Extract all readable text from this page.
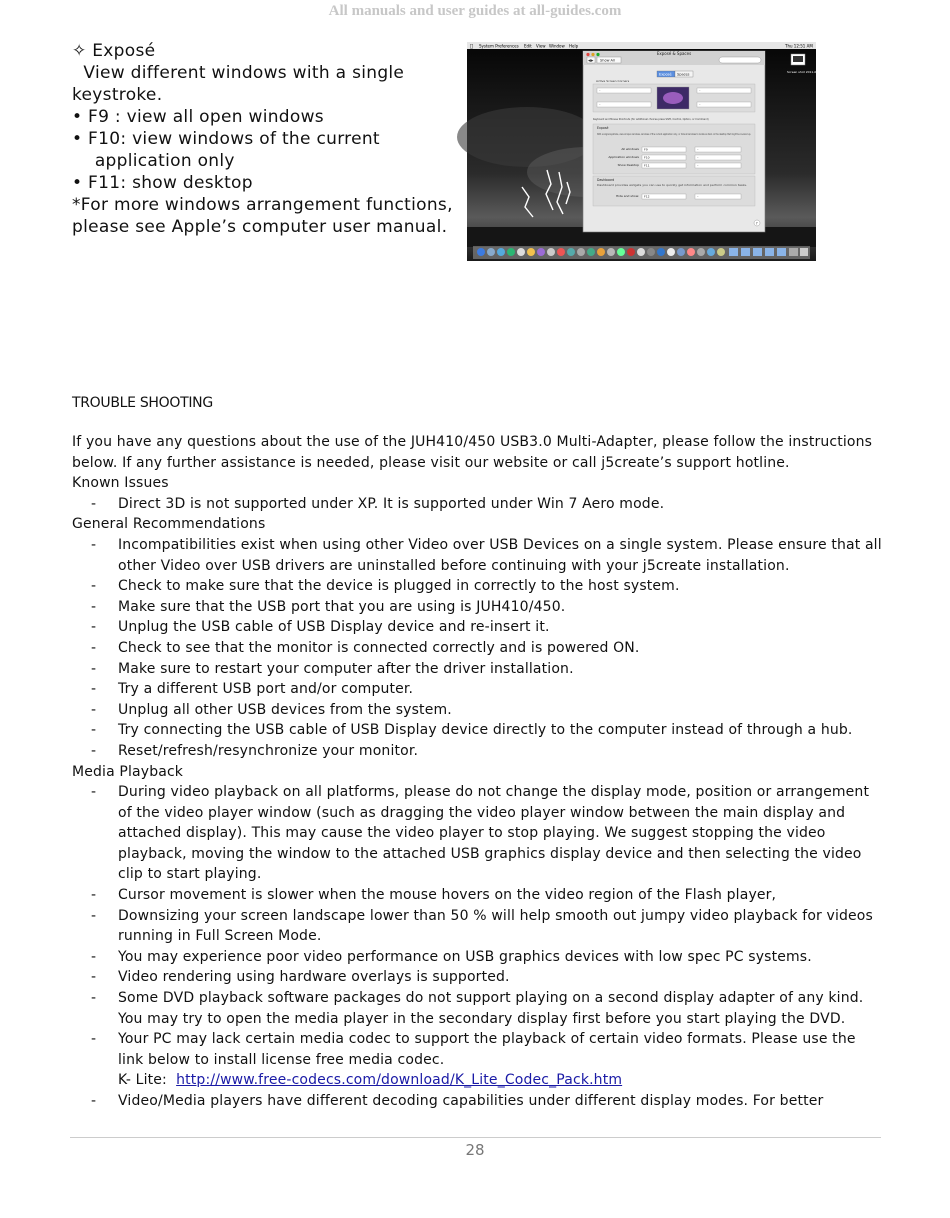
All manuals and user guides at all-guides.com
✧ Exposé
View different windows with a single
keystroke.
• F9 : view all open windows
• F10: view windows of the current
application only
• F11: show desktop
*For more windows arrangement functions,
please see Apple’s computer user manual.
System Preferences Edit View Window Help	Thu 12:51 AM
Screen shot 2011-09-... AM.PNG
Exposé & Spaces
◀▶ Show All
Exposé Spaces
Active Screen Corners
–	–
–	–
Keyboard and Mouse Shortcuts (for additional choices press Shift, Control, Option, or Command)
Exposé
With a single keystroke, view all open windows, windows of the current application only, or hide all windows to locate an item on the desktop that might be covered up.
All windows F9	–
Application windows F10	–
Show Desktop F11	–
Dashboard
Dashboard provides widgets you can use to quickly get information and perform common tasks.
Hide and show: F12	–
?
TROUBLE SHOOTING

If you have any questions about the use of the JUH410/450 USB3.0 Multi-Adapter, please follow the instructions

below. If any further assistance is needed, please visit our website or call j5create’s support hotline.

Known Issues

- Direct 3D is not supported under XP. It is supported under Win 7 Aero mode.

General Recommendations

- Incompatibilities exist when using other Video over USB Devices on a single system. Please ensure that all other Video over USB drivers are uninstalled before continuing with your j5create installation.
- Check to make sure that the device is plugged in correctly to the host system.
- Make sure that the USB port that you are using is JUH410/450.
- Unplug the USB cable of USB Display device and re-insert it.
- Check to see that the monitor is connected correctly and is powered ON.
- Make sure to restart your computer after the driver installation.
- Try a different USB port and/or computer.
- Unplug all other USB devices from the system.
- Try connecting the USB cable of USB Display device directly to the computer instead of through a hub.
- Reset/refresh/resynchronize your monitor.

Media Playback

- During video playback on all platforms, please do not change the display mode, position or arrangement of the video player window (such as dragging the video player window between the main display and attached display). This may cause the video player to stop playing. We suggest stopping the video playback, moving the window to the attached USB graphics display device and then selecting the video clip to start playing.
- Cursor movement is slower when the mouse hovers on the video region of the Flash player,
- Downsizing your screen landscape lower than 50 % will help smooth out jumpy video playback for videos running in Full Screen Mode.
- You may experience poor video performance on USB graphics devices with low spec PC systems.
- Video rendering using hardware overlays is supported.
- Some DVD playback software packages do not support playing on a second display adapter of any kind. You may try to open the media player in the secondary display first before you start playing the DVD.
- Your PC may lack certain media codec to support the playback of certain video formats. Please use the link below to install license free media codec.
K- Lite: http://www.free-codecs.com/download/K_Lite_Codec_Pack.htm
- Video/Media players have different decoding capabilities under different display modes. For better
28
